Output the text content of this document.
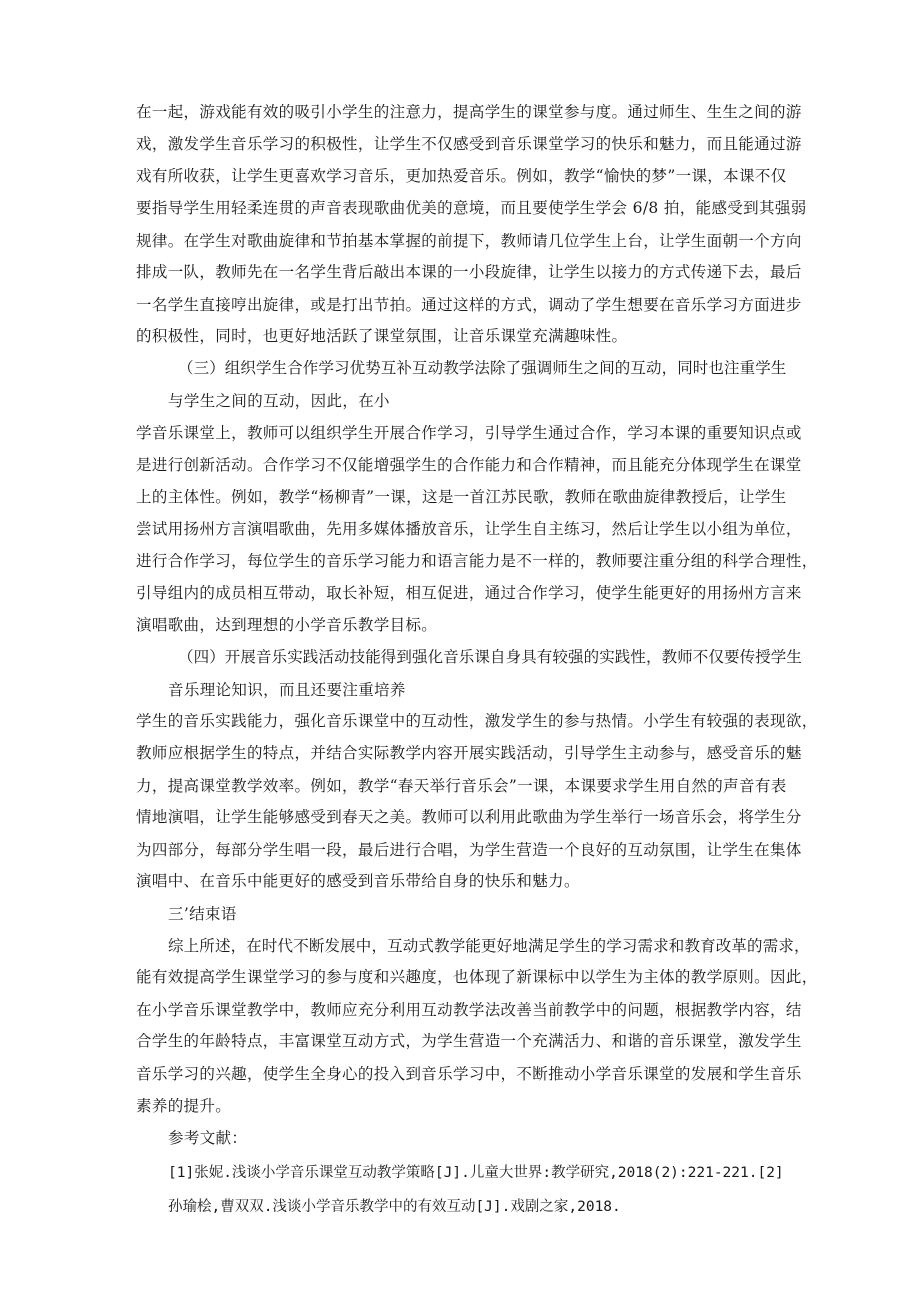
在一起，游戏能有效的吸引小学生的注意力，提高学生的课堂参与度。通过师生、生生之间的游
戏，激发学生音乐学习的积极性，让学生不仅感受到音乐课堂学习的快乐和魅力，而且能通过游
戏有所收获，让学生更喜欢学习音乐，更加热爱音乐。例如，教学“愉快的梦”一课，本课不仅
要指导学生用轻柔连贯的声音表现歌曲优美的意境，而且要使学生学会 6/8 拍，能感受到其强弱
规律。在学生对歌曲旋律和节拍基本掌握的前提下，教师请几位学生上台，让学生面朝一个方向
排成一队，教师先在一名学生背后敲出本课的一小段旋律，让学生以接力的方式传递下去，最后
一名学生直接哼出旋律，或是打出节拍。通过这样的方式，调动了学生想要在音乐学习方面进步
的积极性，同时，也更好地活跃了课堂氛围，让音乐课堂充满趣味性。
（三）组织学生合作学习优势互补互动教学法除了强调师生之间的互动，同时也注重学生
与学生之间的互动，因此，在小
学音乐课堂上，教师可以组织学生开展合作学习，引导学生通过合作，学习本课的重要知识点或
是进行创新活动。合作学习不仅能增强学生的合作能力和合作精神，而且能充分体现学生在课堂
上的主体性。例如，教学“杨柳青”一课，这是一首江苏民歌，教师在歌曲旋律教授后，让学生
尝试用扬州方言演唱歌曲，先用多媒体播放音乐，让学生自主练习，然后让学生以小组为单位，
进行合作学习，每位学生的音乐学习能力和语言能力是不一样的，教师要注重分组的科学合理性，
引导组内的成员相互带动，取长补短，相互促进，通过合作学习，使学生能更好的用扬州方言来
演唱歌曲，达到理想的小学音乐教学目标。
（四）开展音乐实践活动技能得到强化音乐课自身具有较强的实践性，教师不仅要传授学生
音乐理论知识，而且还要注重培养
学生的音乐实践能力，强化音乐课堂中的互动性，激发学生的参与热情。小学生有较强的表现欲，
教师应根据学生的特点，并结合实际教学内容开展实践活动，引导学生主动参与，感受音乐的魅
力，提高课堂教学效率。例如，教学“春天举行音乐会”一课，本课要求学生用自然的声音有表
情地演唱，让学生能够感受到春天之美。教师可以利用此歌曲为学生举行一场音乐会，将学生分
为四部分，每部分学生唱一段，最后进行合唱，为学生营造一个良好的互动氛围，让学生在集体
演唱中、在音乐中能更好的感受到音乐带给自身的快乐和魅力。
三’结束语
综上所述，在时代不断发展中，互动式教学能更好地满足学生的学习需求和教育改革的需求，
能有效提高学生课堂学习的参与度和兴趣度，也体现了新课标中以学生为主体的教学原则。因此，
在小学音乐课堂教学中，教师应充分利用互动教学法改善当前教学中的问题，根据教学内容，结
合学生的年龄特点，丰富课堂互动方式，为学生营造一个充满活力、和谐的音乐课堂，激发学生
音乐学习的兴趣，使学生全身心的投入到音乐学习中，不断推动小学音乐课堂的发展和学生音乐
素养的提升。
参考文献：
[1]张妮.浅谈小学音乐课堂互动教学策略[J].儿童大世界:教学研究,2018(2):221-221.[2]
孙瑜桧,曹双双.浅谈小学音乐教学中的有效互动[J].戏剧之家,2018.
